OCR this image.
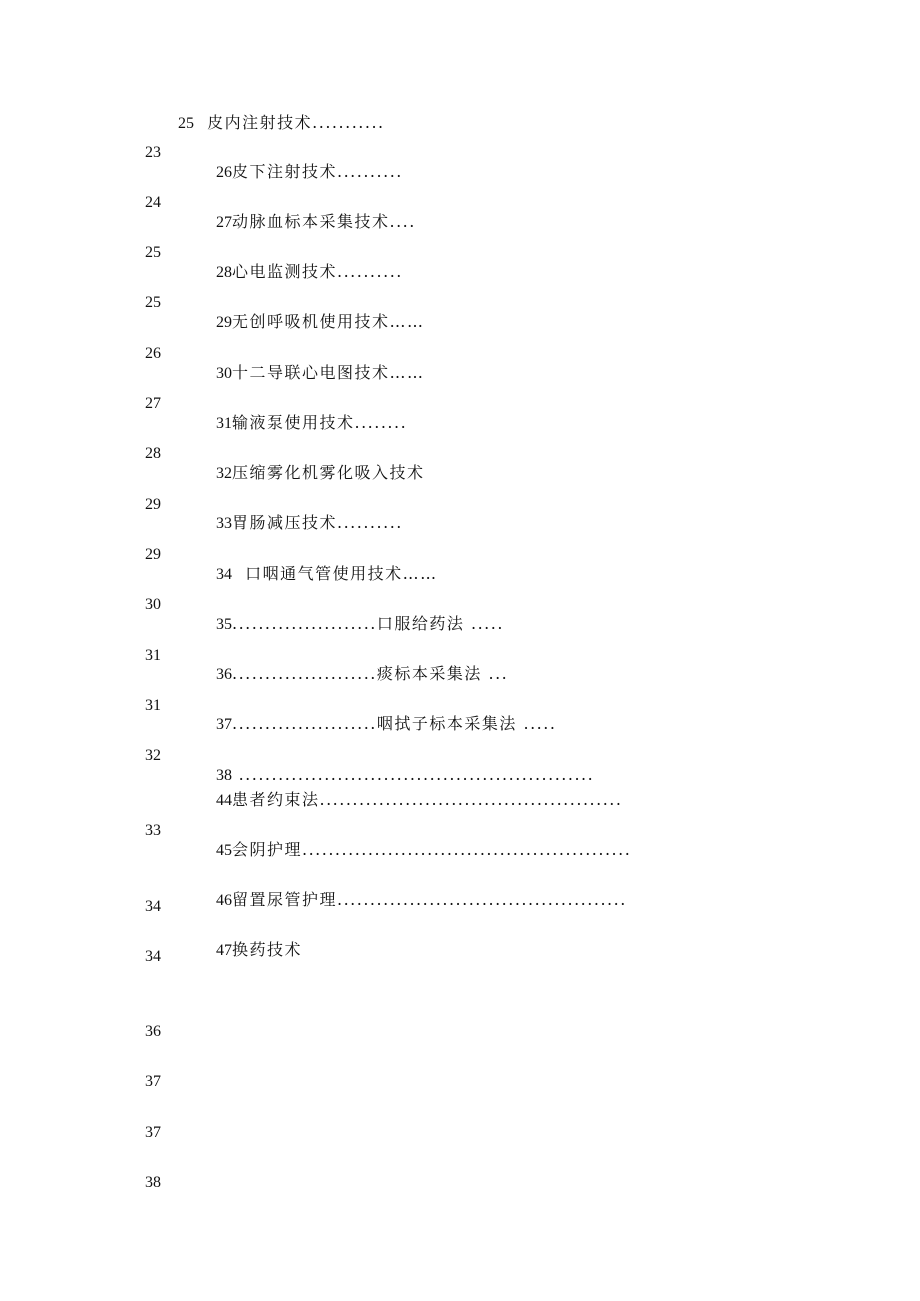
25  皮内注射技术...........
26皮下注射技术..........
27动脉血标本采集技术....
28心电监测技术..........
29无创呼吸机使用技术……
30十二导联心电图技术……
31输液泵使用技术........
32压缩雾化机雾化吸入技术
33胃肠减压技术..........
34  口咽通气管使用技术……
35......................口服给药法 .....
36......................痰标本采集法 ...
37......................咽拭子标本采集法 .....
38 ......................................................
44患者约束法..............................................
45会阴护理..................................................
46留置尿管护理............................................
47换药技术
23
24
25
25
26
27
28
29
29
30
31
31
32
33
34
34
36
37
37
38
